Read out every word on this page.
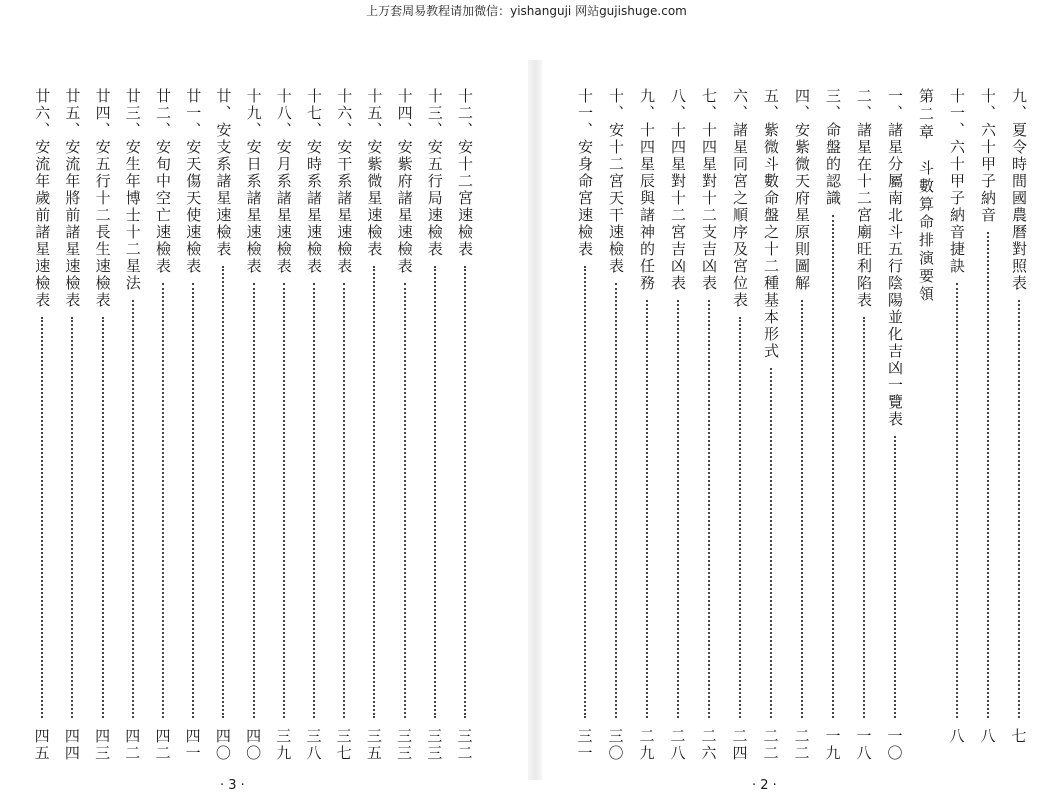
上万套周易教程请加微信：yishanguji 网站gujishuge.com
十二、安十二宮速檢表
三
二
十三、安五行局速檢表
三
三
十四、安紫府諸星速檢表
三
三
十五、安紫微星速檢表
三
五
十六、安干系諸星速檢表
三
七
十七、安時系諸星速檢表
三
八
十八、安月系諸星速檢表
三
九
十九、安日系諸星速檢表
四
〇
廿、安支系諸星速檢表
四
〇
廿一、安天傷天使速檢表
四
一
廿二、安旬中空亡速檢表
四
二
廿三、安生年博士十二星法
四
二
廿四、安五行十二長生速檢表
四
三
廿五、安流年將前諸星速檢表
四
四
廿六、安流年歲前諸星速檢表
四
五
· 3 ·
九、夏令時間國農曆對照表
七
十、六十甲子納音
八
十一、六十甲子納音捷訣
八
第二章　斗數算命排演要領
一、諸星分屬南北斗五行陰陽並化吉凶一覽表
一
〇
二、諸星在十二宮廟旺利陷表
一
八
三、命盤的認識
一
九
四、安紫微天府星原則圖解
二
二
五、紫微斗數命盤之十二種基本形式
二
二
六、諸星同宮之順序及宮位表
二
四
七、十四星對十二支吉凶表
二
六
八、十四星對十二宮吉凶表
二
八
九、十四星辰與諸神的任務
二
九
十、安十二宮天干速檢表
三
〇
十一、安身命宮速檢表
三
一
· 2 ·
